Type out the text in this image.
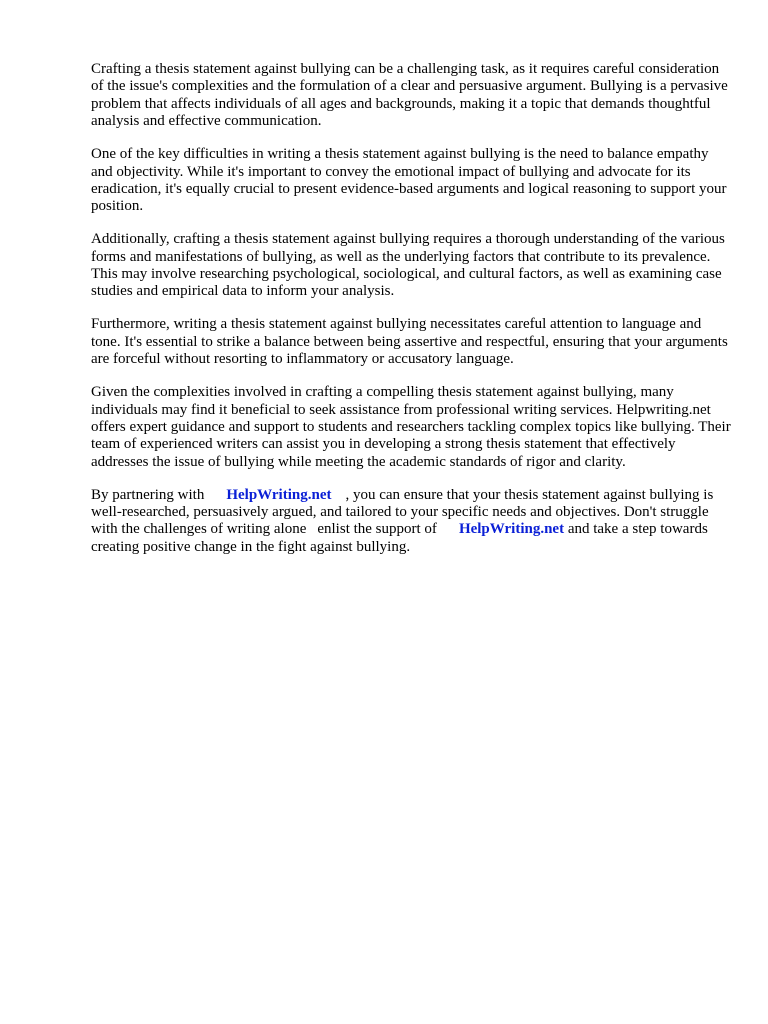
Crafting a thesis statement against bullying can be a challenging task, as it requires careful consideration of the issue's complexities and the formulation of a clear and persuasive argument. Bullying is a pervasive problem that affects individuals of all ages and backgrounds, making it a topic that demands thoughtful analysis and effective communication.

One of the key difficulties in writing a thesis statement against bullying is the need to balance empathy and objectivity. While it's important to convey the emotional impact of bullying and advocate for its eradication, it's equally crucial to present evidence-based arguments and logical reasoning to support your position.

Additionally, crafting a thesis statement against bullying requires a thorough understanding of the various forms and manifestations of bullying, as well as the underlying factors that contribute to its prevalence. This may involve researching psychological, sociological, and cultural factors, as well as examining case studies and empirical data to inform your analysis.

Furthermore, writing a thesis statement against bullying necessitates careful attention to language and tone. It's essential to strike a balance between being assertive and respectful, ensuring that your arguments are forceful without resorting to inflammatory or accusatory language.

Given the complexities involved in crafting a compelling thesis statement against bullying, many individuals may find it beneficial to seek assistance from professional writing services. Helpwriting.net offers expert guidance and support to students and researchers tackling complex topics like bullying. Their team of experienced writers can assist you in developing a strong thesis statement that effectively addresses the issue of bullying while meeting the academic standards of rigor and clarity.

By partnering with HelpWriting.net , you can ensure that your thesis statement against bullying is well-researched, persuasively argued, and tailored to your specific needs and objectives. Don't struggle with the challenges of writing alone enlist the support of HelpWriting.net and take a step towards creating positive change in the fight against bullying.
